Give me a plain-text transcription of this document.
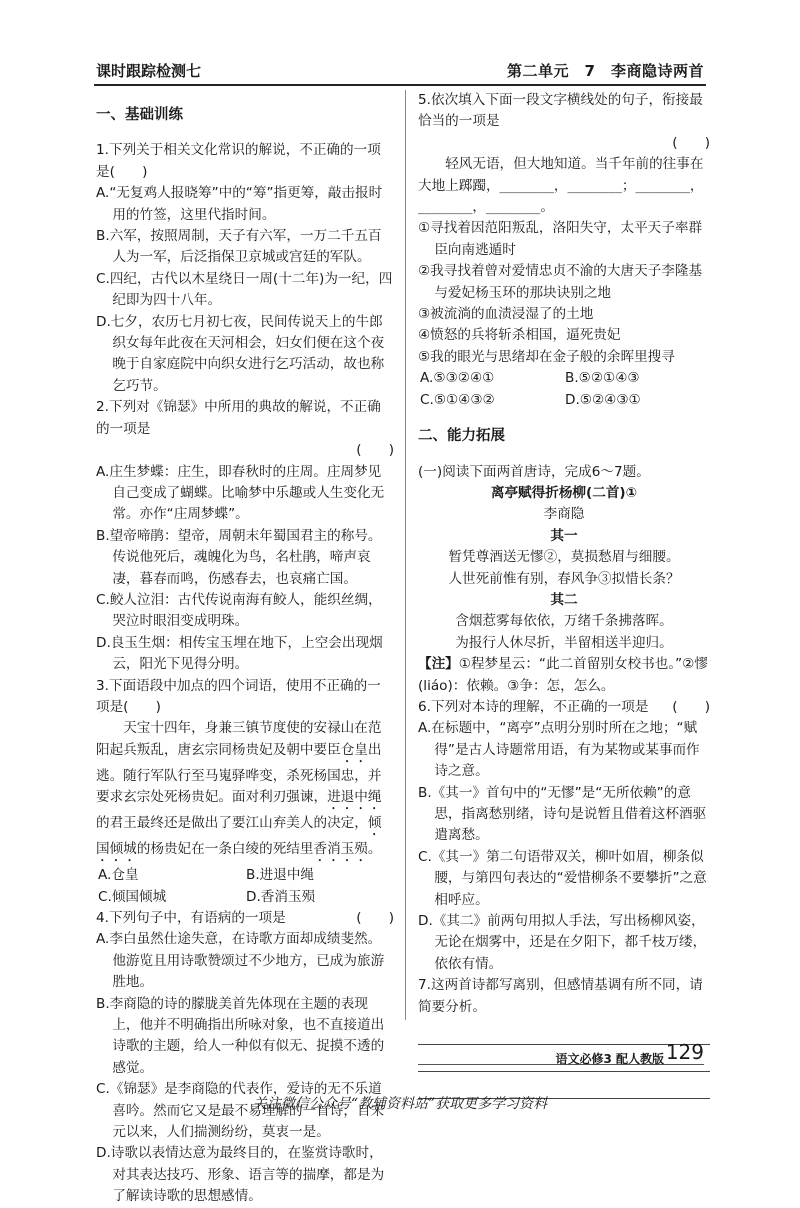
课时跟踪检测七	第二单元　7　李商隐诗两首

一、基础训练

1.下列关于相关文化常识的解说，不正确的一项是(　　)

A.“无复鸡人报晓筹”中的“筹”指更筹，敲击报时用的竹签，这里代指时间。

B.六军，按照周制，天子有六军，一万二千五百人为一军，后泛指保卫京城或宫廷的军队。

C.四纪，古代以木星绕日一周(十二年)为一纪，四纪即为四十八年。

D.七夕，农历七月初七夜，民间传说天上的牛郎织女每年此夜在天河相会，妇女们便在这个夜晚于自家庭院中向织女进行乞巧活动，故也称乞巧节。

2.下列对《锦瑟》中所用的典故的解说，不正确的一项是

(　　)

A.庄生梦蝶：庄生，即春秋时的庄周。庄周梦见自己变成了蝴蝶。比喻梦中乐趣或人生变化无常。亦作“庄周梦蝶”。

B.望帝啼鹃：望帝，周朝末年蜀国君主的称号。传说他死后，魂魄化为鸟，名杜鹃，啼声哀凄，暮春而鸣，伤感春去，也哀痛亡国。

C.鲛人泣泪：古代传说南海有鲛人，能织丝绸，哭泣时眼泪变成明珠。

D.良玉生烟：相传宝玉埋在地下，上空会出现烟云，阳光下见得分明。

3.下面语段中加点的四个词语，使用不正确的一项是(　　)

天宝十四年，身兼三镇节度使的安禄山在范阳起兵叛乱，唐玄宗同杨贵妃及朝中要臣仓皇出逃。随行军队行至马嵬驿哗变，杀死杨国忠，并要求玄宗处死杨贵妃。面对利刃强谏，进退中绳的君王最终还是做出了要江山弃美人的决定，倾国倾城的杨贵妃在一条白绫的死结里香消玉殒。

A.仓皇	B.进退中绳
C.倾国倾城	D.香消玉殒

4.下列句子中，有语病的一项是	(　　)

A.李白虽然仕途失意，在诗歌方面却成绩斐然。他游览且用诗歌赞颂过不少地方，已成为旅游胜地。

B.李商隐的诗的朦胧美首先体现在主题的表现上，他并不明确指出所咏对象，也不直接道出诗歌的主题，给人一种似有似无、捉摸不透的感觉。

C.《锦瑟》是李商隐的代表作，爱诗的无不乐道喜吟。然而它又是最不易理解的一首诗，自宋元以来，人们揣测纷纷，莫衷一是。

D.诗歌以表情达意为最终目的，在鉴赏诗歌时，对其表达技巧、形象、语言等的揣摩，都是为了解读诗歌的思想感情。

5.依次填入下面一段文字横线处的句子，衔接最恰当的一项是

(　　)

轻风无语，但大地知道。当千年前的往事在大地上踯躅，________，________；________，________，________。

①寻找着因范阳叛乱，洛阳失守，太平天子率群臣向南逃遁时

②我寻找着曾对爱情忠贞不渝的大唐天子李隆基与爱妃杨玉环的那块诀别之地

③被流淌的血渍浸湿了的土地

④愤怒的兵将斩杀相国，逼死贵妃

⑤我的眼光与思绪却在金子般的余晖里搜寻

A.⑤③②④①	B.⑤②①④③
C.⑤①④③②	D.⑤②④③①

二、能力拓展

(一)阅读下面两首唐诗，完成6～7题。

离亭赋得折杨柳(二首)①

李商隐

其一

暂凭尊酒送无憀②，莫损愁眉与细腰。

人世死前惟有别，春风争③拟惜长条？

其二

含烟惹雾每依依，万绪千条拂落晖。

为报行人休尽折，半留相送半迎归。

【注】①程梦星云：“此二首留别女校书也。”②憀(liáo)：依赖。③争：怎，怎么。

6.下列对本诗的理解，不正确的一项是 (　　)

A.在标题中，“离亭”点明分别时所在之地；“赋得”是古人诗题常用语，有为某物或某事而作诗之意。

B.《其一》首句中的“无憀”是“无所依赖”的意思，指离愁别绪，诗句是说暂且借着这杯酒驱遣离愁。

C.《其一》第二句语带双关，柳叶如眉，柳条似腰，与第四句表达的“爱惜柳条不要攀折”之意相呼应。

D.《其二》前两句用拟人手法，写出杨柳风姿，无论在烟雾中，还是在夕阳下，都千枝万缕，依依有情。

7.这两首诗都写离别，但感情基调有所不同，请简要分析。

语文必修3 配人教版 129
关注微信公众号“教辅资料站”获取更多学习资料
